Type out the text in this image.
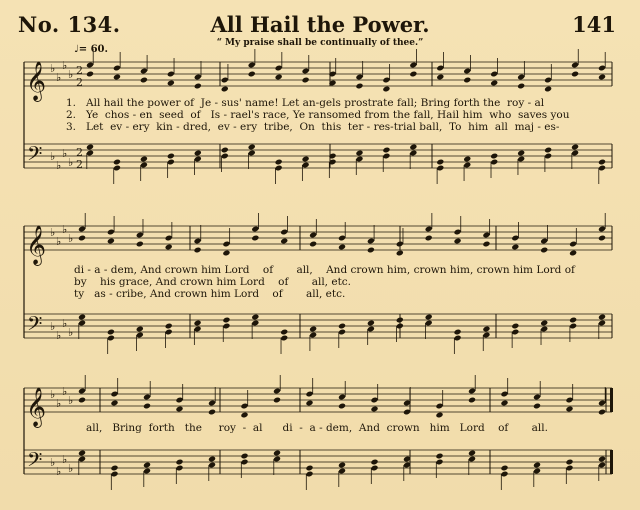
No. 134.	All Hail the Power.	141
“ My praise shall be continually of thee.”
♩= 60.
𝄞
𝄢
♭
♭
♭
♭
♭
♭
♭
♭
2
2
2
2
𝄞
𝄢
♭
♭
♭
♭
♭
♭
♭
♭
𝄞
𝄢
♭
♭
♭
♭
♭
♭
♭
♭
1. All hail the power of  Je - sus' name! Let an-gels prostrate fall; Bring forth the  roy - al
2. Ye  chos - en  seed  of   Is - rael's race, Ye ransomed from the fall, Hail him  who  saves you
3. Let  ev - ery  kin - dred,  ev - ery  tribe,  On  this  ter - res-trial ball,  To  him  all  maj - es-
di - a - dem, And crown him Lord    of       all,    And crown him, crown him, crown him Lord of
by    his grace, And crown him Lord    of       all, etc.
ty   as - cribe, And crown him Lord    of       all, etc.
all,   Bring  forth   the     roy  -  al      di  -  a - dem,  And  crown   him   Lord    of       all.
